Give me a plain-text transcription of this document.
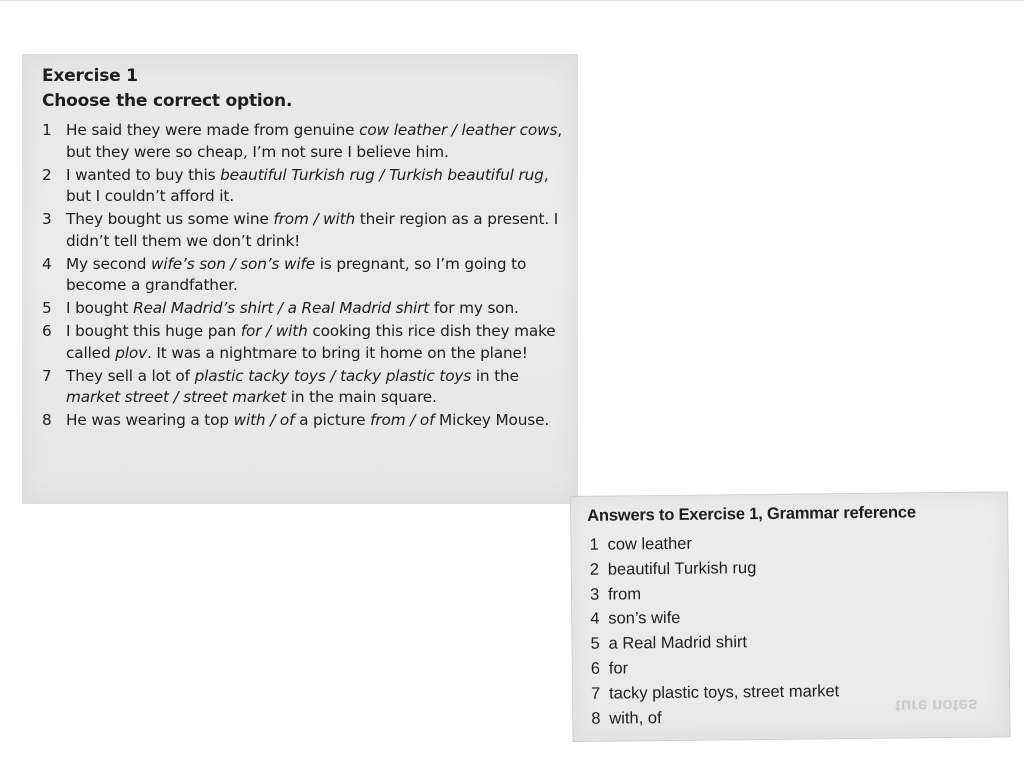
Exercise 1
Choose the correct option.
1 He said they were made from genuine cow leather / leather cows, but they were so cheap, I’m not sure I believe him.
2 I wanted to buy this beautiful Turkish rug / Turkish beautiful rug, but I couldn’t afford it.
3 They bought us some wine from / with their region as a present. I didn’t tell them we don’t drink!
4 My second wife’s son / son’s wife is pregnant, so I’m going to become a grandfather.
5 I bought Real Madrid’s shirt / a Real Madrid shirt for my son.
6 I bought this huge pan for / with cooking this rice dish they make called plov. It was a nightmare to bring it home on the plane!
7 They sell a lot of plastic tacky toys / tacky plastic toys in the market street / street market in the main square.
8 He was wearing a top with / of a picture from / of Mickey Mouse.
ture notes
Answers to Exercise 1, Grammar reference
1 cow leather
2 beautiful Turkish rug
3 from
4 son’s wife
5 a Real Madrid shirt
6 for
7 tacky plastic toys, street market
8 with, of
